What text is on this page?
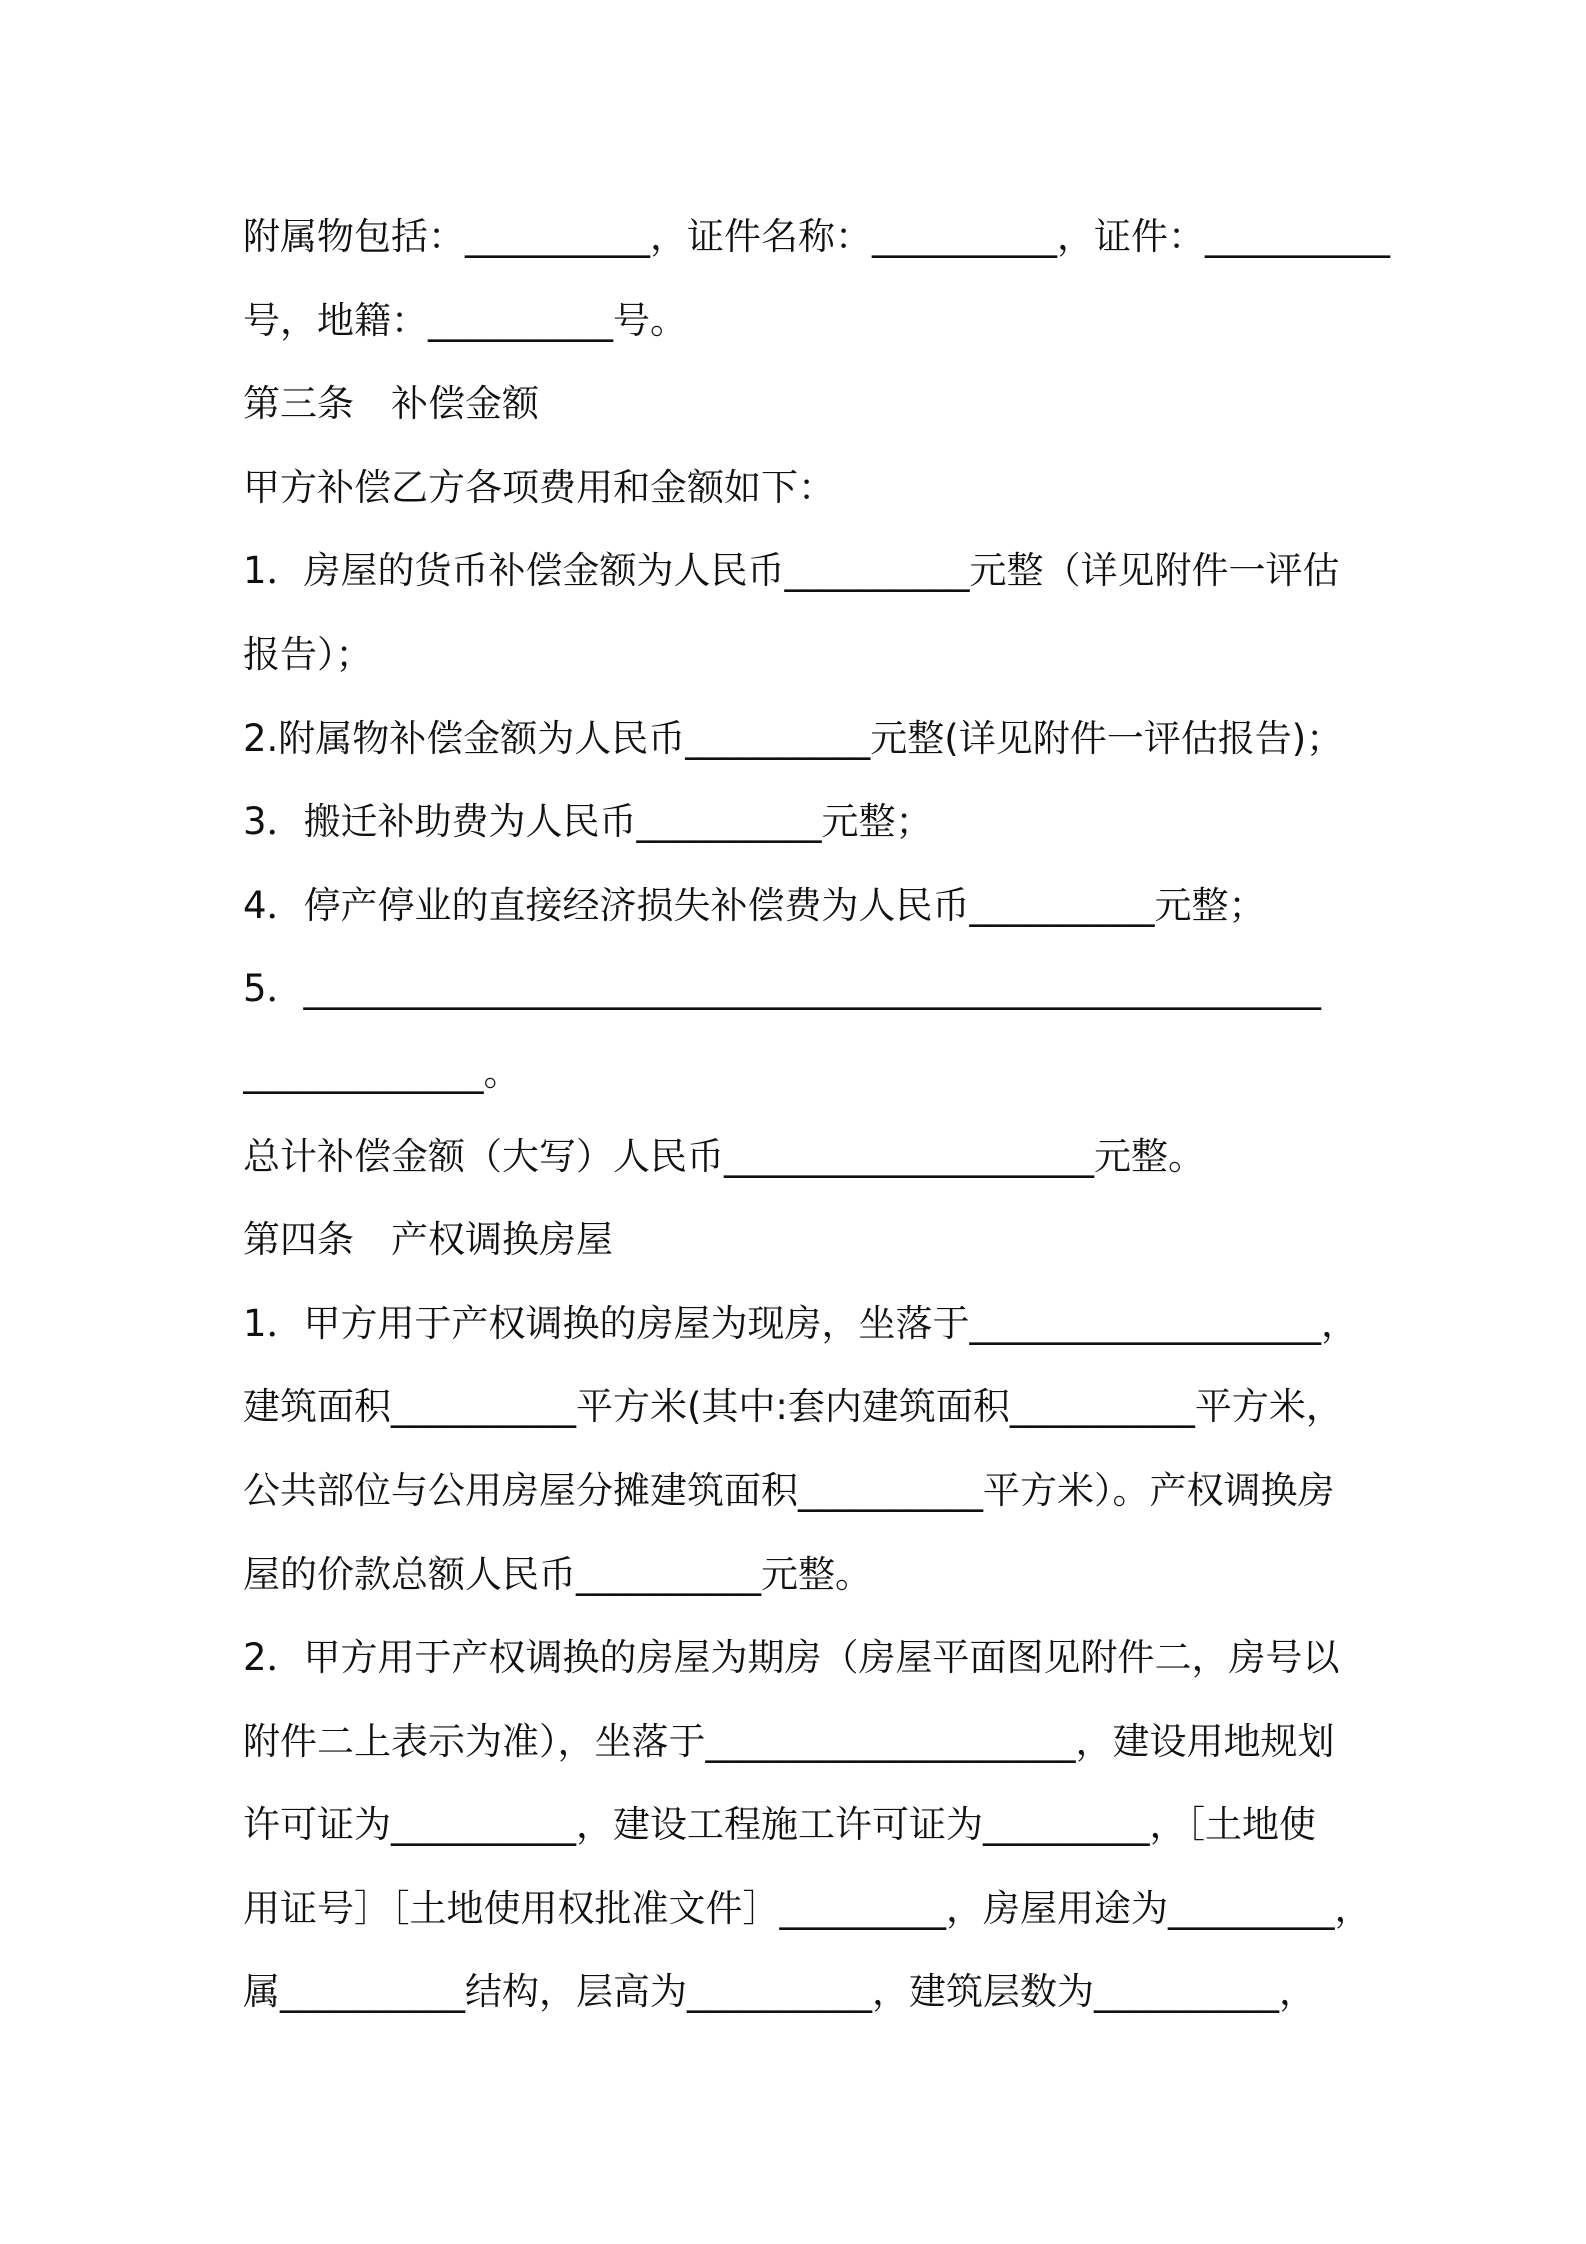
附属物包括：__________，证件名称：__________，证件：__________
号，地籍：__________号。
第三条　补偿金额
甲方补偿乙方各项费用和金额如下：
1．房屋的货币补偿金额为人民币__________元整（详见附件一评估
报告）；
2.附属物补偿金额为人民币__________元整(详见附件一评估报告)；
3．搬迁补助费为人民币__________元整；
4．停产停业的直接经济损失补偿费为人民币__________元整；
5．_______________________________________________________
_____________。
总计补偿金额（大写）人民币____________________元整。
第四条　产权调换房屋
1．甲方用于产权调换的房屋为现房，坐落于___________________，
建筑面积__________平方米(其中:套内建筑面积__________平方米，
公共部位与公用房屋分摊建筑面积__________平方米）。产权调换房
屋的价款总额人民币__________元整。
2．甲方用于产权调换的房屋为期房（房屋平面图见附件二，房号以
附件二上表示为准），坐落于____________________，建设用地规划
许可证为__________，建设工程施工许可证为_________，［土地使
用证号］［土地使用权批准文件］_________，房屋用途为_________，
属__________结构，层高为__________，建筑层数为__________，
